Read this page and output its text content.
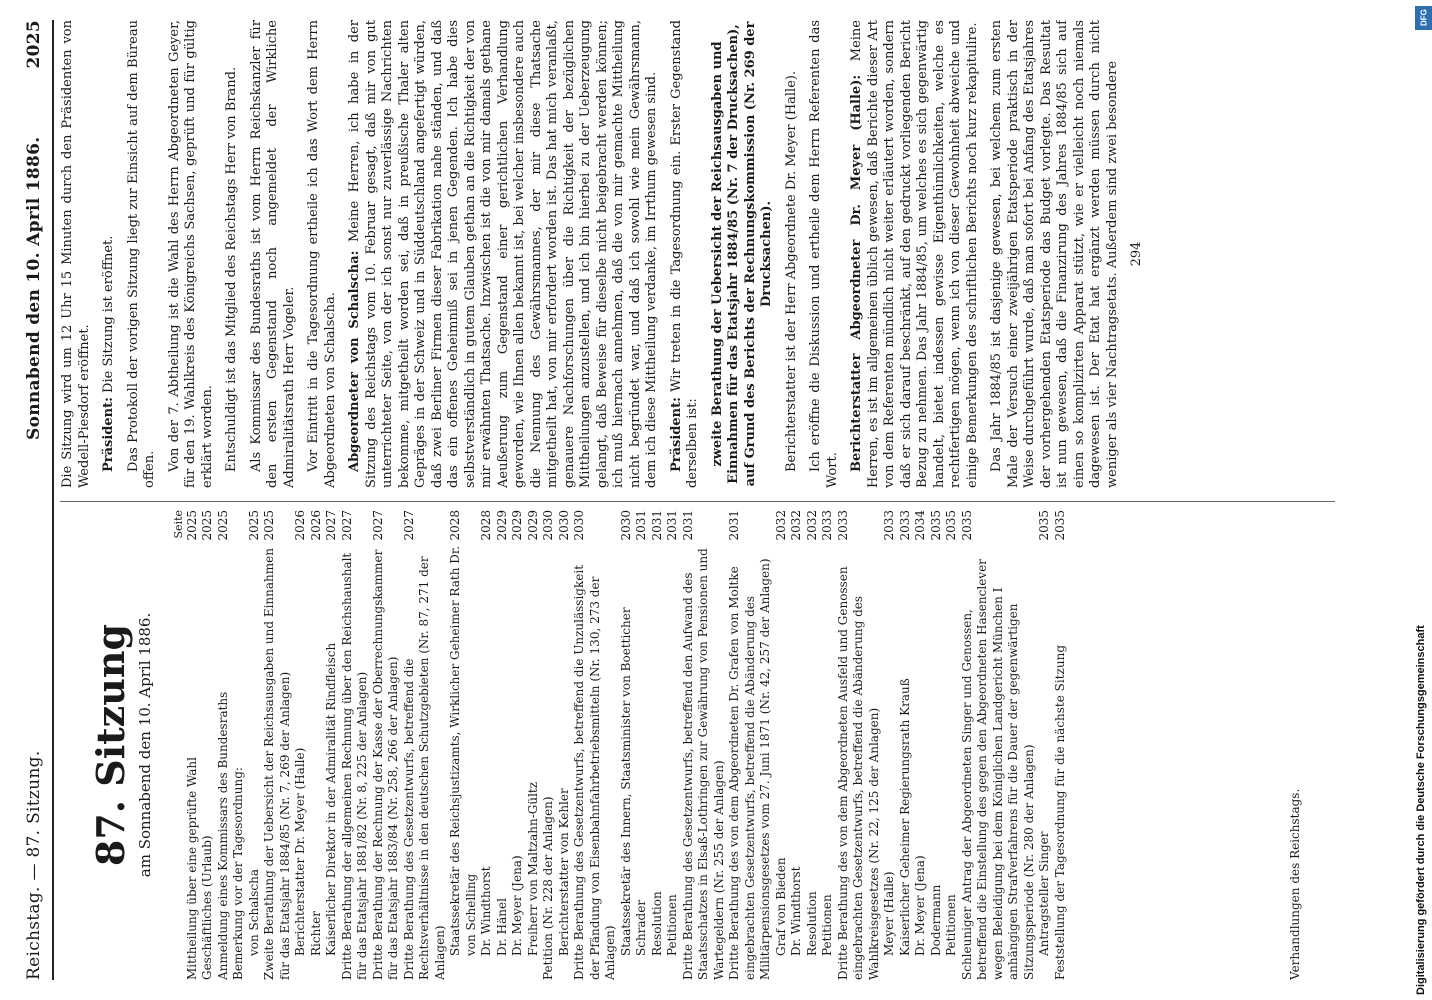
Reichstag. — 87. Sitzung.
Sonnabend den 10. April 1886.
2025
87. Sitzung am Sonnabend den 10. April 1886.
Seite
Mittheilung über eine geprüfte Wahl
2025
Geschäftliches (Urlaub)
2025
Anmeldung eines Kommissars des Bundesraths
2025
Bemerkung vor der Tagesordnung: von Schalscha
2025
Zweite Berathung der Uebersicht der Reichsausgaben und Einnahmen für das Etatsjahr 1884/85 (Nr. 7, 269 der Anlagen)
2025
Berichterstatter Dr. Meyer (Halle)
2026
Richter
2026
Kaiserlicher Direktor in der Admiralität Rindfleisch
2027
Dritte Berathung der allgemeinen Rechnung über den Reichshaushalt für das Etatsjahr 1881/82 (Nr. 8, 225 der Anlagen)
2027
Dritte Berathung der Rechnung der Kasse der Oberrechnungskammer für das Etatsjahr 1883/84 (Nr. 258, 266 der Anlagen)
2027
Dritte Berathung des Gesetzentwurfs, betreffend die Rechtsverhältnisse in den deutschen Schutzgebieten (Nr. 87, 271 der Anlagen)
2027
Staatssekretär des Reichsjustizamts, Wirklicher Geheimer Rath Dr. von Schelling
2028
Dr. Windthorst
2028
Dr. Hänel
2029
Dr. Meyer (Jena)
2029
Freiherr von Maltzahn-Gültz
2029
Petition (Nr. 228 der Anlagen)
2030
Berichterstatter von Kehler
2030
Dritte Berathung des Gesetzentwurfs, betreffend die Unzulässigkeit der Pfändung von Eisenbahnfahrbetriebsmitteln (Nr. 130, 273 der Anlagen)
2030
Staatssekretär des Innern, Staatsminister von Boetticher
2030
Schrader
2031
Resolution
2031
Petitionen
2031
Dritte Berathung des Gesetzentwurfs, betreffend den Aufwand des Staatsschatzes in Elsaß-Lothringen zur Gewährung von Pensionen und Wartegeldern (Nr. 255 der Anlagen)
2031
Dritte Berathung des von dem Abgeordneten Dr. Grafen von Moltke eingebrachten Gesetzentwurfs, betreffend die Abänderung des Militärpensionsgesetzes vom 27. Juni 1871 (Nr. 42, 257 der Anlagen)
2031
Graf von Bieden
2032
Dr. Windthorst
2032
Resolution
2032
Petitionen
2033
Dritte Berathung des von dem Abgeordneten Ausfeld und Genossen eingebrachten Gesetzentwurfs, betreffend die Abänderung des Wahlkreisgesetzes (Nr. 22, 125 der Anlagen)
2033
Meyer (Halle)
2033
Kaiserlicher Geheimer Regierungsrath Krauß
2033
Dr. Meyer (Jena)
2034
Dodermann
2035
Petitionen
2035
Schleuniger Antrag der Abgeordneten Singer und Genossen, betreffend die Einstellung des gegen den Abgeordneten Hasenclever wegen Beleidigung bei dem Königlichen Landgericht München I anhängigen Strafverfahrens für die Dauer der gegenwärtigen Sitzungsperiode (Nr. 280 der Anlagen)
2035
Antragsteller Singer
2035
Feststellung der Tagesordnung für die nächste Sitzung
2035
Verhandlungen des Reichstags.

Die Sitzung wird um 12 Uhr 15 Minuten durch den Präsidenten von Wedell-Piesdorf eröffnet. Präsident: Die Sitzung ist eröffnet. Das Protokoll der vorigen Sitzung liegt zur Einsicht auf dem Büreau offen. Von der 7. Abtheilung ist die Wahl des Herrn Abgeordneten Geyer, für den 19. Wahlkreis des Königreichs Sachsen, geprüft und für gültig erklärt worden. Entschuldigt ist das Mitglied des Reichstags Herr von Brand. Als Kommissar des Bundesraths ist vom Herrn Reichskanzler für den ersten Gegenstand noch angemeldet der Wirkliche Admiralitätsrath Herr Vogeler. Vor Eintritt in die Tagesordnung ertheile ich das Wort dem Herrn Abgeordneten von Schalscha. Abgeordneter von Schalscha: Meine Herren, ich habe in der Sitzung des Reichstags vom 10. Februar gesagt, daß mir von gut unterrichteter Seite, von der ich sonst nur zuverlässige Nachrichten bekomme, mitgetheilt worden sei, daß in preußische Thaler alten Gepräges in der Schweiz und in Süddeutschland angefertigt würden, daß zwei Berliner Firmen dieser Fabrikation nahe ständen, und daß das ein offenes Geheimniß sei in jenen Gegenden. Ich habe dies selbstverständlich in gutem Glauben gethan an die Richtigkeit der von mir erwähnten Thatsache. Inzwischen ist die von mir damals gethane Aeußerung zum Gegenstand einer gerichtlichen Verhandlung geworden, wie Ihnen allen bekannt ist, bei welcher insbesondere auch die Nennung des Gewährsmannes, der mir diese Thatsache mitgetheilt hat, von mir erfordert worden ist. Das hat mich veranlaßt, genauere Nachforschungen über die Richtigkeit der bezüglichen Mittheilungen anzustellen, und ich bin hierbei zu der Ueberzeugung gelangt, daß Beweise für dieselbe nicht beigebracht werden können; ich muß hiernach annehmen, daß die von mir gemachte Mittheilung nicht begründet war, und daß ich sowohl wie mein Gewährsmann, dem ich diese Mittheilung verdanke, im Irrthum gewesen sind. Präsident: Wir treten in die Tagesordnung ein. Erster Gegenstand derselben ist: zweite Berathung der Uebersicht der Reichsausgaben und Einnahmen für das Etatsjahr 1884/85 (Nr. 7 der Drucksachen), auf Grund des Berichts der Rechnungskommission (Nr. 269 der Drucksachen). Berichterstatter ist der Herr Abgeordnete Dr. Meyer (Halle). Ich eröffne die Diskussion und ertheile dem Herrn Referenten das Wort. Berichterstatter Abgeordneter Dr. Meyer (Halle): Meine Herren, es ist im allgemeinen üblich gewesen, daß Berichte dieser Art von dem Referenten mündlich nicht weiter erläutert worden, sondern daß er sich darauf beschränkt, auf den gedruckt vorliegenden Bericht Bezug zu nehmen. Das Jahr 1884/85, um welches es sich gegenwärtig handelt, bietet indessen gewisse Eigenthümlichkeiten, welche es rechtfertigen mögen, wenn ich von dieser Gewohnheit abweiche und einige Bemerkungen des schriftlichen Berichts noch kurz rekapitulire. Das Jahr 1884/85 ist dasjenige gewesen, bei welchem zum ersten Male der Versuch einer zweijährigen Etatsperiode praktisch in der Weise durchgeführt wurde, daß man sofort bei Anfang des Etatsjahres der vorhergehenden Etatsperiode das Budget vorlegte. Das Resultat ist nun gewesen, daß die Finanzirung des Jahres 1884/85 sich auf einen so komplizirten Apparat stützt, wie er vielleicht noch niemals dagewesen ist. Der Etat hat ergänzt werden müssen durch nicht weniger als vier Nachtragsetats. Außerdem sind zwei besondere 294
Digitalisierung gefördert durch die Deutsche Forschungsgemeinschaft
DFG
